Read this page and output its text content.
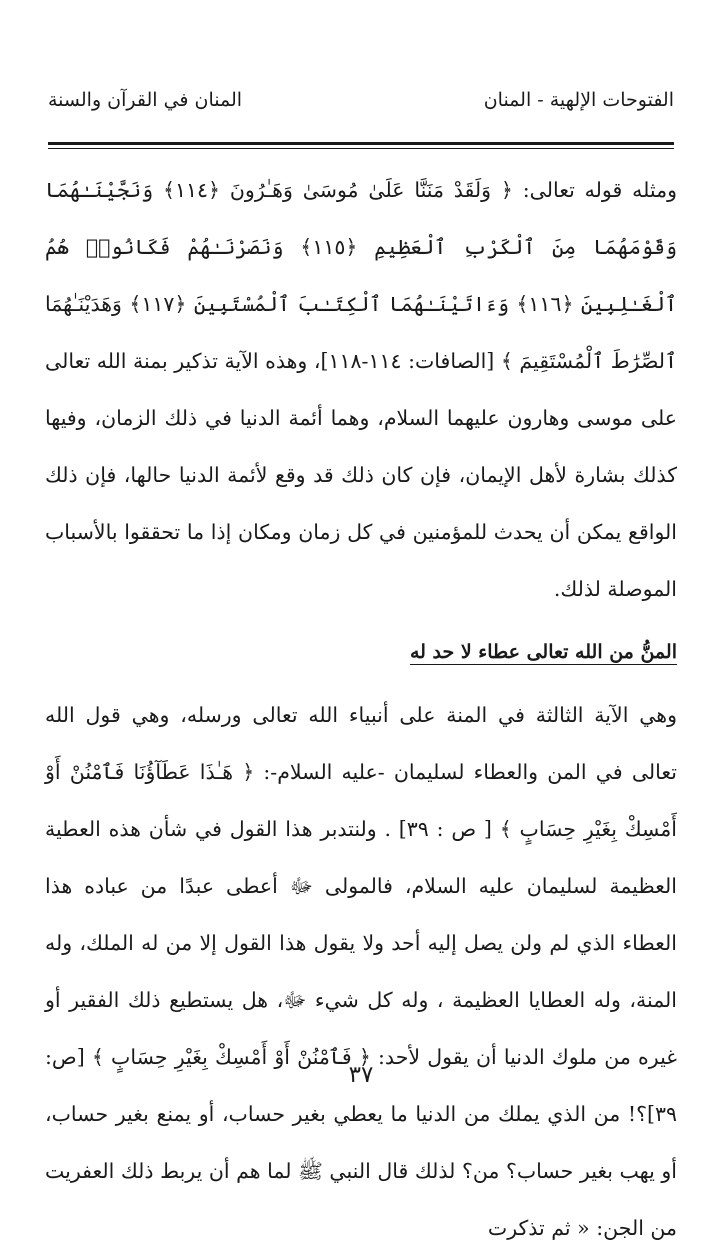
الفتوحات الإلهية - المنان
المنان في القرآن والسنة

ومثله قوله تعالى: ﴿ وَلَقَدْ مَنَنَّا عَلَىٰ مُوسَىٰ وَهَـٰرُونَ ﴿١١٤﴾ وَنَجَّيْنَـٰهُمَا وَقَوْمَهُمَا مِنَ ٱلْكَرْبِ ٱلْعَظِيمِ ﴿١١٥﴾ وَنَصَرْنَـٰهُمْ فَكَانُوا۟ هُمُ ٱلْغَـٰلِبِينَ ﴿١١٦﴾ وَءَاتَيْنَـٰهُمَا ٱلْكِتَـٰبَ ٱلْمُسْتَبِينَ ﴿١١٧﴾ وَهَدَيْنَـٰهُمَا ٱلصِّرَٰطَ ٱلْمُسْتَقِيمَ ﴾ [الصافات: ١١٤-١١٨]، وهذه الآية تذكير بمنة الله تعالى على موسى وهارون عليهما السلام، وهما أئمة الدنيا في ذلك الزمان، وفيها كذلك بشارة لأهل الإيمان، فإن كان ذلك قد وقع لأئمة الدنيا حالها، فإن ذلك الواقع يمكن أن يحدث للمؤمنين في كل زمان ومكان إذا ما تحققوا بالأسباب الموصلة لذلك.

المنُّ من الله تعالى عطاء لا حد له

وهي الآية الثالثة في المنة على أنبياء الله تعالى ورسله، وهي قول الله تعالى في المن والعطاء لسليمان -عليه السلام-: ﴿ هَـٰذَا عَطَآؤُنَا فَٱمْنُنْ أَوْ أَمْسِكْ بِغَيْرِ حِسَابٍ ﴾ [ ص : ٣٩] . ولنتدبر هذا القول في شأن هذه العطية العظيمة لسليمان عليه السلام، فالمولى ﷻ أعطى عبدًا من عباده هذا العطاء الذي لم ولن يصل إليه أحد ولا يقول هذا القول إلا من له الملك، وله المنة، وله العطايا العظيمة ، وله كل شيء ﷻ، هل يستطيع ذلك الفقير أو غيره من ملوك الدنيا أن يقول لأحد: ﴿ فَٱمْنُنْ أَوْ أَمْسِكْ بِغَيْرِ حِسَابٍ ﴾ [ص: ٣٩]؟! من الذي يملك من الدنيا ما يعطي بغير حساب، أو يمنع بغير حساب، أو يهب بغير حساب؟ من؟ لذلك قال النبي ﷺ لما هم أن يربط ذلك العفريت من الجن: « ثم تذكرت

٣٧
